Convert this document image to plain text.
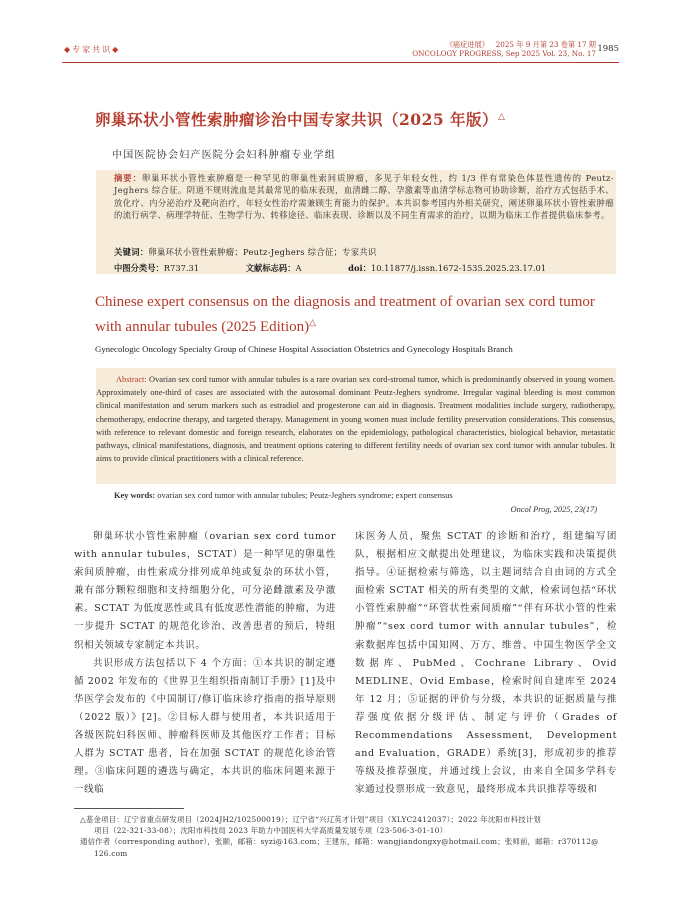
◆专家共识◆
《癌症进展》 2025 年 9 月第 23 卷第 17 期
ONCOLOGY PROGRESS, Sep 2025 Vol. 23, No. 17 1985
卵巢环状小管性索肿瘤诊治中国专家共识（2025 年版）△
中国医院协会妇产医院分会妇科肿瘤专业学组
摘要：卵巢环状小管性索肿瘤是一种罕见的卵巢性索间质肿瘤，多见于年轻女性，约 1/3 伴有常染色体显性遗传的 Peutz-Jeghers 综合征。阴道不规则流血是其最常见的临床表现，血清雌二醇、孕激素等血清学标志物可协助诊断，治疗方式包括手术、放化疗、内分泌治疗及靶向治疗，年轻女性治疗需兼顾生育能力的保护。本共识参考国内外相关研究，阐述卵巢环状小管性索肿瘤的流行病学、病理学特征、生物学行为、转移途径、临床表现、诊断以及不同生育需求的治疗，以期为临床工作者提供临床参考。
关键词：卵巢环状小管性索肿瘤；Peutz-Jeghers 综合征；专家共识
中图分类号：R737.31	文献标志码：A	doi：10.11877/j.issn.1672-1535.2025.23.17.01
Chinese expert consensus on the diagnosis and treatment of ovarian sex cord tumor with annular tubules (2025 Edition)△
Gynecologic Oncology Specialty Group of Chinese Hospital Association Obstetrics and Gynecology Hospitals Branch
Abstract: Ovarian sex cord tumor with annular tubules is a rare ovarian sex cord-stromal tumor, which is predominantly observed in young women. Approximately one-third of cases are associated with the autosomal dominant Peutz-Jeghers syndrome. Irregular vaginal bleeding is most common clinical manifestation and serum markers such as estradiol and progesterone can aid in diagnosis. Treatment modalities include surgery, radiotherapy, chemotherapy, endocrine therapy, and targeted therapy. Management in young women must include fertility preservation considerations. This consensus, with reference to relevant domestic and foreign research, elaborates on the epidemiology, pathological characteristics, biological behavior, metastatic pathways, clinical manifestations, diagnosis, and treatment options catering to different fertility needs of ovarian sex cord tumor with annular tubules. It aims to provide clinical practitioners with a clinical reference.
Key words: ovarian sex cord tumor with annular tubules; Peutz-Jeghers syndrome; expert consensus
Oncol Prog, 2025, 23(17)

卵巢环状小管性索肿瘤（ovarian sex cord tumor with annular tubules，SCTAT）是一种罕见的卵巢性索间质肿瘤，由性索成分排列成单纯或复杂的环状小管，兼有部分颗粒细胞和支持细胞分化，可分泌雌激素及孕激素。SCTAT 为低度恶性或具有低度恶性潜能的肿瘤，为进一步提升 SCTAT 的规范化诊治、改善患者的预后，特组织相关领域专家制定本共识。

共识形成方法包括以下 4 个方面：①本共识的制定遵循 2002 年发布的《世界卫生组织指南制订手册》[1]及中华医学会发布的《中国制订/修订临床诊疗指南的指导原则（2022 版）》[2]。②目标人群与使用者，本共识适用于各级医院妇科医师、肿瘤科医师及其他医疗工作者；目标人群为 SCTAT 患者，旨在加强 SCTAT 的规范化诊治管理。③临床问题的遴选与确定，本共识的临床问题来源于一线临

床医务人员，聚焦 SCTAT 的诊断和治疗，组建编写团队，根据相应文献提出处理建议，为临床实践和决策提供指导。④证据检索与筛选，以主题词结合自由词的方式全面检索 SCTAT 相关的所有类型的文献，检索词包括“环状小管性索肿瘤”“环管状性索间质瘤”“伴有环状小管的性索肿瘤”“sex cord tumor with annular tubules”，检索数据库包括中国知网、万方、维普、中国生物医学全文数据库、PubMed、Cochrane Library、Ovid MEDLINE、Ovid Embase，检索时间自建库至 2024 年 12 月；⑤证据的评价与分级，本共识的证据质量与推荐强度依据分级评估、制定与评价（Grades of Recommendations Assessment, Development and Evaluation，GRADE）系统[3]，形成初步的推荐等级及推荐强度，并通过线上会议，由来自全国多学科专家通过投票形成一致意见，最终形成本共识推荐等级和

△基金项目：辽宁省重点研发项目（2024JH2/102500019）；辽宁省“兴辽英才计划”项目（XLYC2412037）；2022 年沈阳市科技计划
项目（22-321-33-08）；沈阳市科技局 2023 年助力中国医科大学高质量发展专项（23-506-3-01-10）
通信作者（corresponding author），张颐，邮箱：syzi@163.com；王建东，邮箱：wangjiandongxy@hotmail.com；张师前，邮箱：r370112@
126.com
